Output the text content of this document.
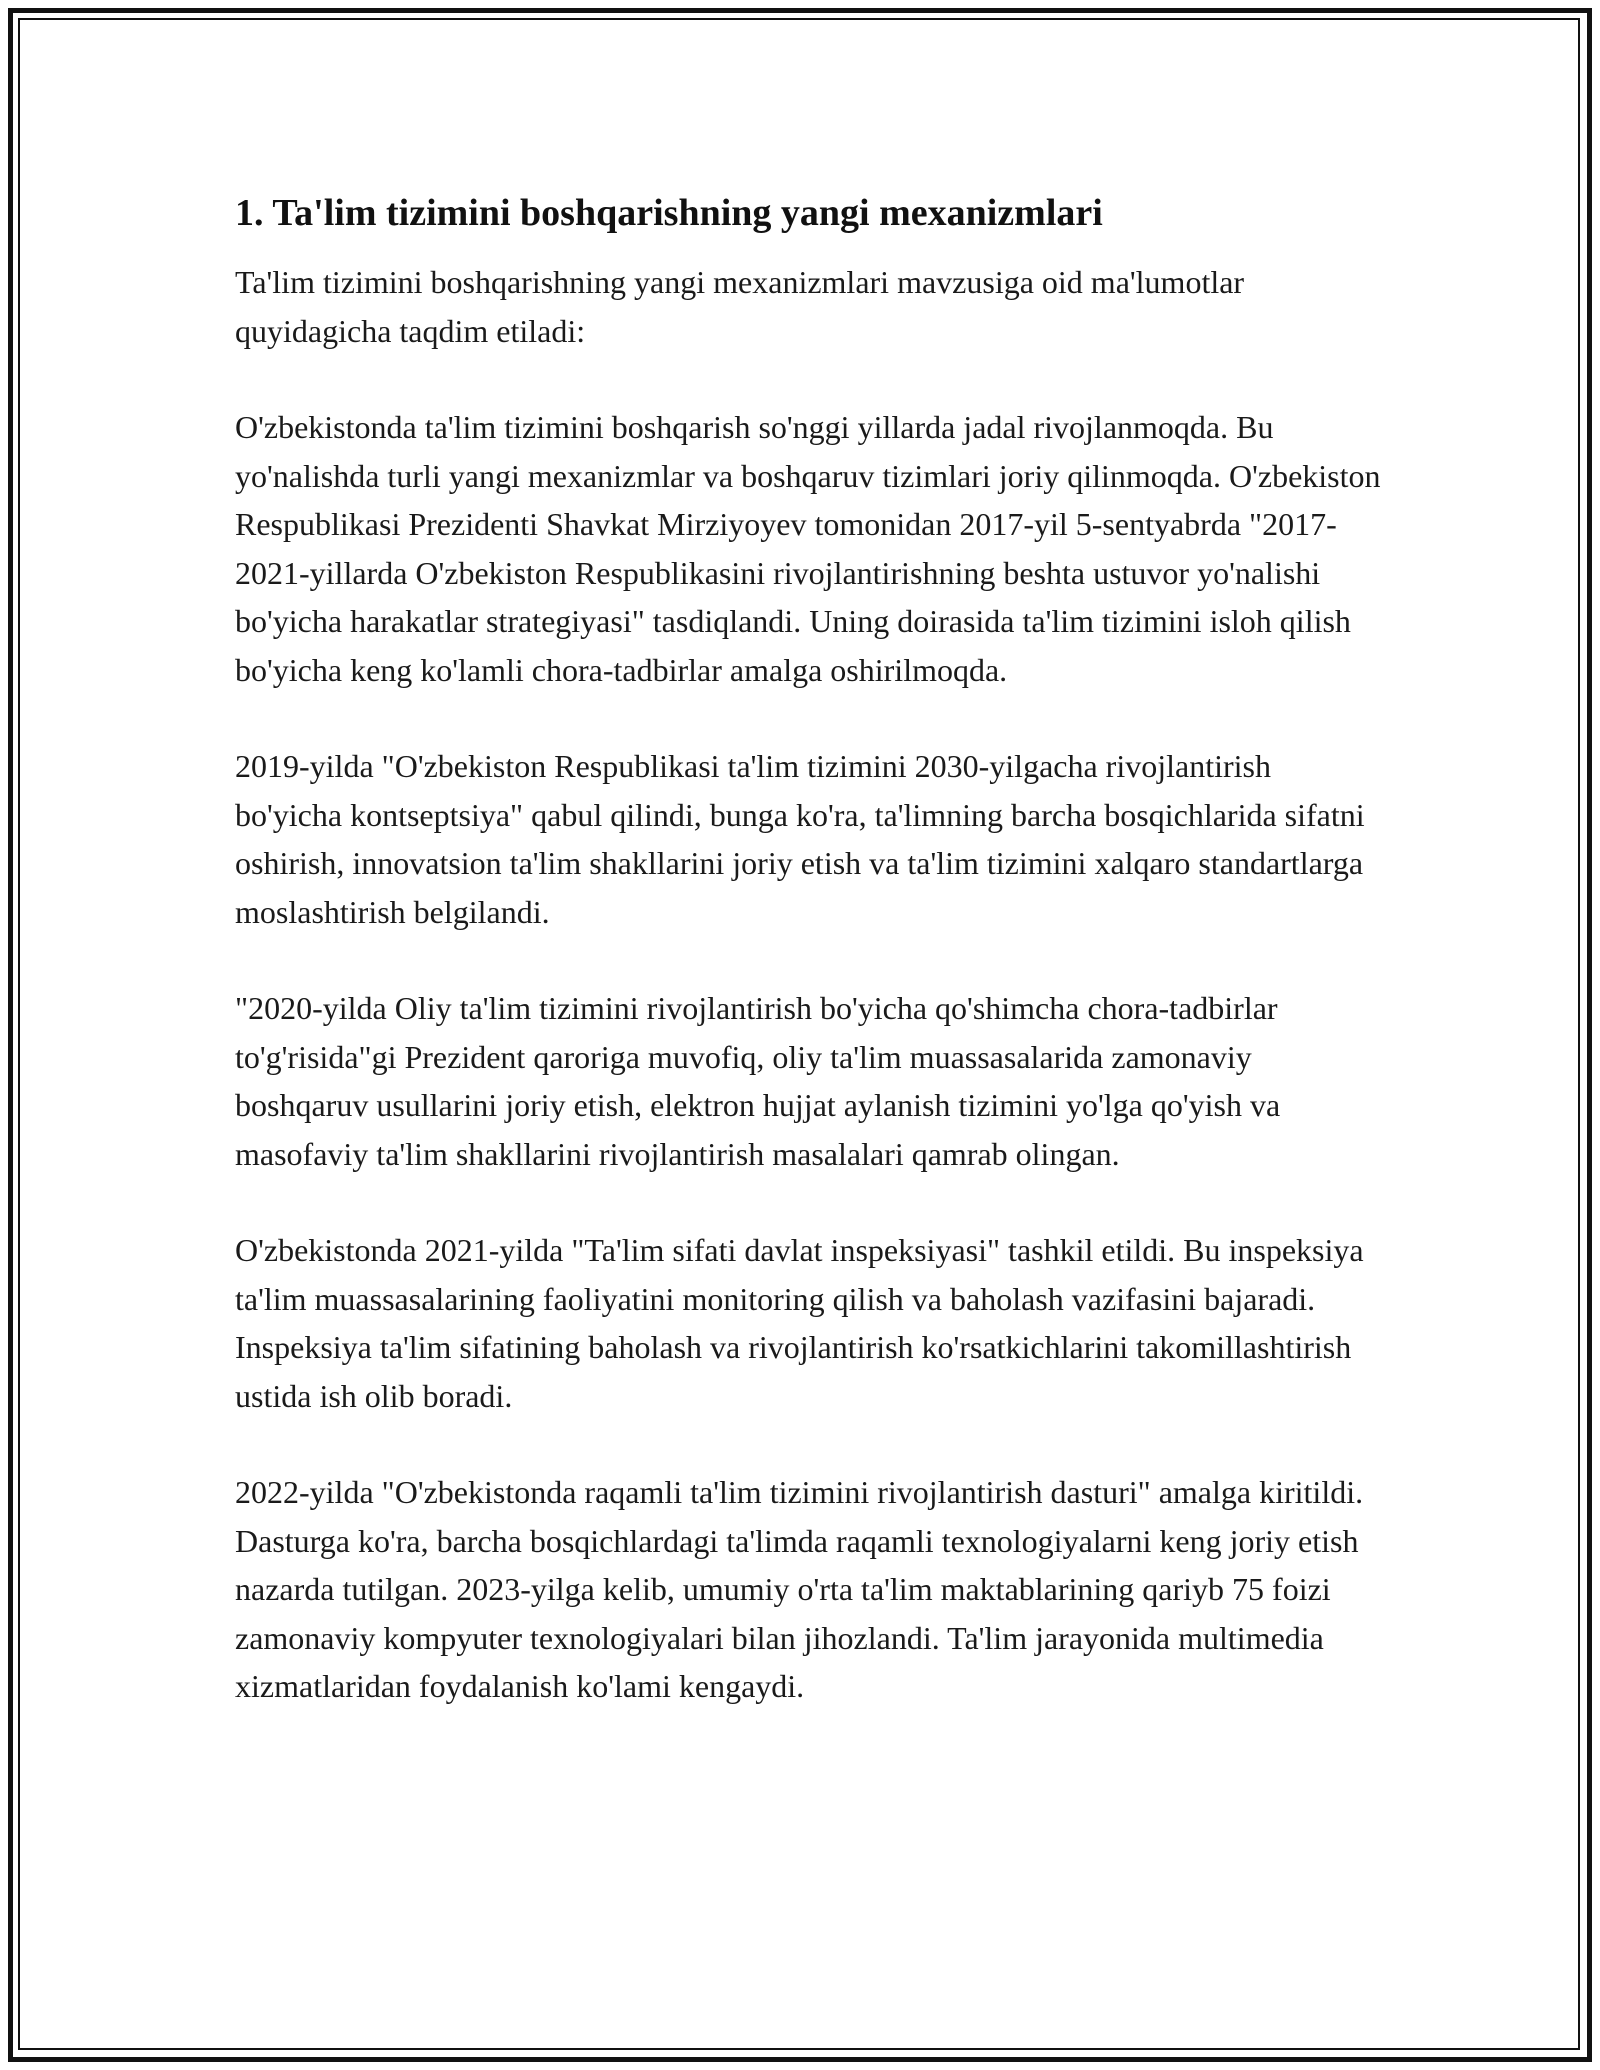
1. Ta'lim tizimini boshqarishning yangi mexanizmlari

Ta'lim tizimini boshqarishning yangi mexanizmlari mavzusiga oid ma'lumotlar quyidagicha taqdim etiladi:

O'zbekistonda ta'lim tizimini boshqarish so'nggi yillarda jadal rivojlanmoqda. Bu yo'nalishda turli yangi mexanizmlar va boshqaruv tizimlari joriy qilinmoqda. O'zbekiston Respublikasi Prezidenti Shavkat Mirziyoyev tomonidan 2017-yil 5-sentyabrda "2017-2021-yillarda O'zbekiston Respublikasini rivojlantirishning beshta ustuvor yo'nalishi bo'yicha harakatlar strategiyasi" tasdiqlandi. Uning doirasida ta'lim tizimini isloh qilish bo'yicha keng ko'lamli chora-tadbirlar amalga oshirilmoqda.

2019-yilda "O'zbekiston Respublikasi ta'lim tizimini 2030-yilgacha rivojlantirish bo'yicha kontseptsiya" qabul qilindi, bunga ko'ra, ta'limning barcha bosqichlarida sifatni oshirish, innovatsion ta'lim shakllarini joriy etish va ta'lim tizimini xalqaro standartlarga moslashtirish belgilandi.

"2020-yilda Oliy ta'lim tizimini rivojlantirish bo'yicha qo'shimcha chora-tadbirlar to'g'risida"gi Prezident qaroriga muvofiq, oliy ta'lim muassasalarida zamonaviy boshqaruv usullarini joriy etish, elektron hujjat aylanish tizimini yo'lga qo'yish va masofaviy ta'lim shakllarini rivojlantirish masalalari qamrab olingan.

O'zbekistonda 2021-yilda "Ta'lim sifati davlat inspeksiyasi" tashkil etildi. Bu inspeksiya ta'lim muassasalarining faoliyatini monitoring qilish va baholash vazifasini bajaradi. Inspeksiya ta'lim sifatining baholash va rivojlantirish ko'rsatkichlarini takomillashtirish ustida ish olib boradi.

2022-yilda "O'zbekistonda raqamli ta'lim tizimini rivojlantirish dasturi" amalga kiritildi. Dasturga ko'ra, barcha bosqichlardagi ta'limda raqamli texnologiyalarni keng joriy etish nazarda tutilgan. 2023-yilga kelib, umumiy o'rta ta'lim maktablarining qariyb 75 foizi zamonaviy kompyuter texnologiyalari bilan jihozlandi. Ta'lim jarayonida multimedia xizmatlaridan foydalanish ko'lami kengaydi.
